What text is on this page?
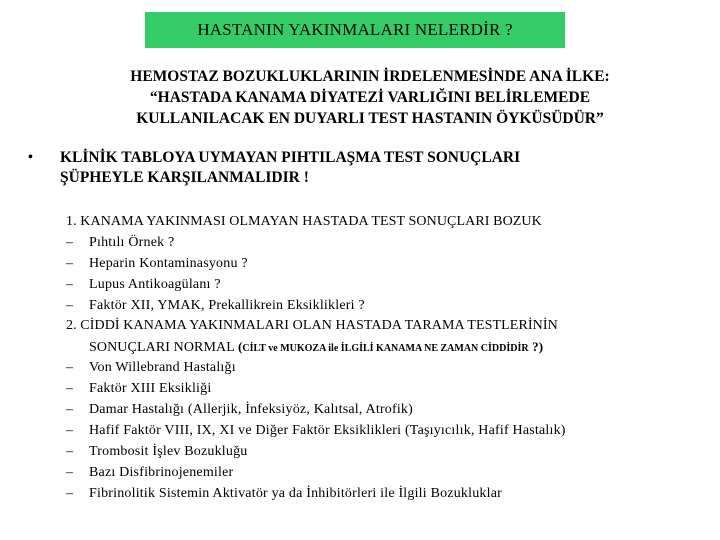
HASTANIN YAKINMALARI NELERDİR ?
HEMOSTAZ BOZUKLUKLARININ İRDELENMESİNDE ANA İLKE:
“HASTADA KANAMA DİYATEZİ VARLIĞINI BELİRLEMEDE
KULLANILACAK EN DUYARLI TEST HASTANIN ÖYKÜSÜDÜR”
• KLİNİK TABLOYA UYMAYAN PIHTILAŞMA TEST SONUÇLARI
ŞÜPHEYLE KARŞILANMALIDIR !
1. KANAMA YAKINMASI OLMAYAN HASTADA TEST SONUÇLARI BOZUK
– Pıhtılı Örnek ?
– Heparin Kontaminasyonu ?
– Lupus Antikoagülanı ?
– Faktör XII, YMAK, Prekallikrein Eksiklikleri ?
2. CİDDİ KANAMA YAKINMALARI OLAN HASTADA TARAMA TESTLERİNİN
SONUÇLARI NORMAL (CİLT ve MUKOZA ile İLGİLİ KANAMA NE ZAMAN CİDDİDİR ?)
– Von Willebrand Hastalığı
– Faktör XIII Eksikliği
– Damar Hastalığı (Allerjik, İnfeksiyöz, Kalıtsal, Atrofik)
– Hafif Faktör VIII, IX, XI ve Diğer Faktör Eksiklikleri (Taşıyıcılık, Hafif Hastalık)
– Trombosit İşlev Bozukluğu
– Bazı Disfibrinojenemiler
– Fibrinolitik Sistemin Aktivatör ya da İnhibitörleri ile İlgili Bozukluklar
